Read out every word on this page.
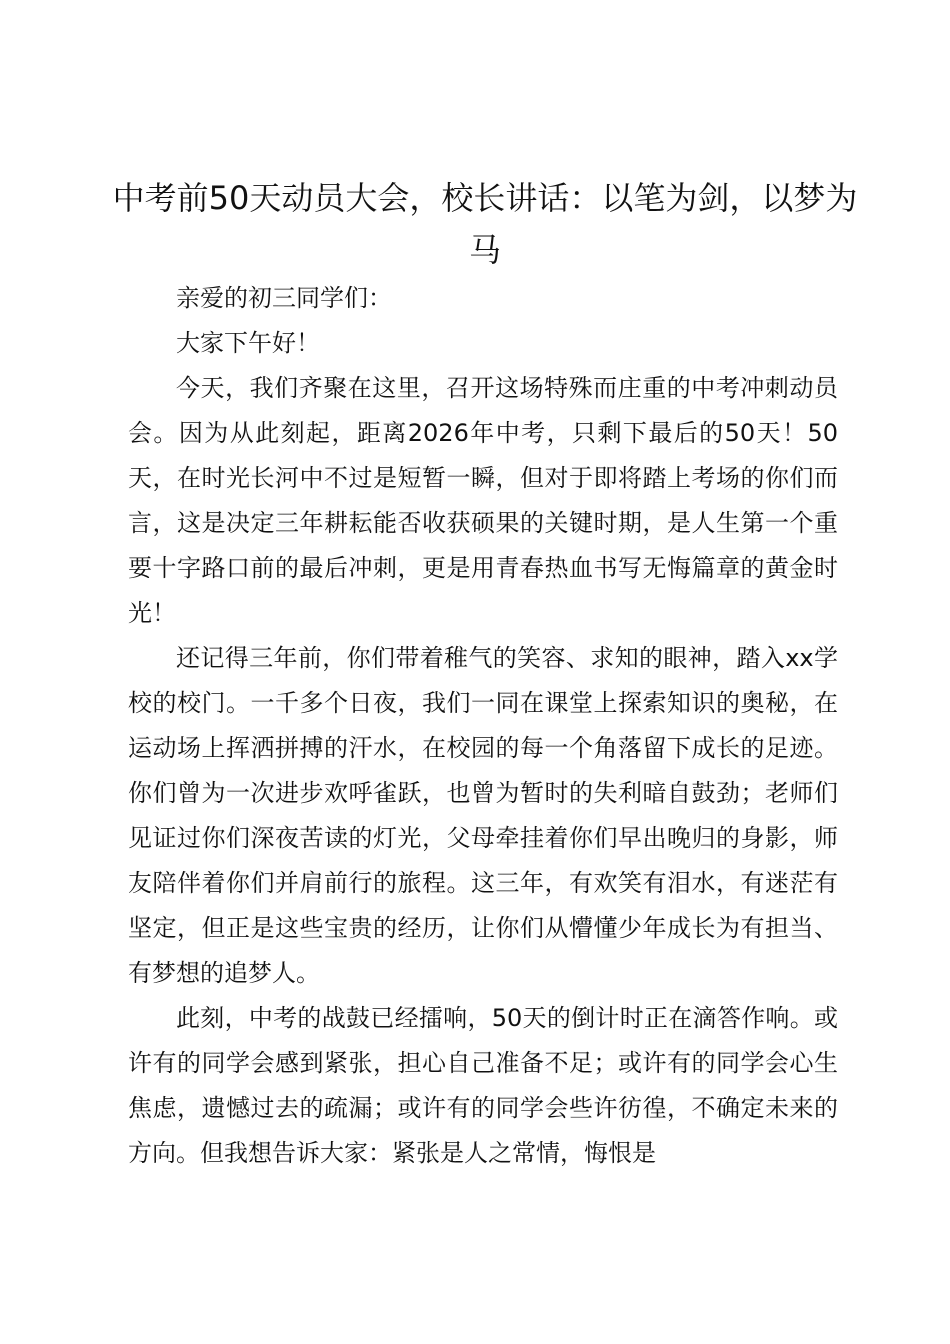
中考前50天动员大会，校长讲话：以笔为剑，以梦为马

亲爱的初三同学们：

大家下午好！

今天，我们齐聚在这里，召开这场特殊而庄重的中考冲刺动员会。因为从此刻起，距离2026年中考，只剩下最后的50天！50天，在时光长河中不过是短暂一瞬，但对于即将踏上考场的你们而言，这是决定三年耕耘能否收获硕果的关键时期，是人生第一个重要十字路口前的最后冲刺，更是用青春热血书写无悔篇章的黄金时光！

还记得三年前，你们带着稚气的笑容、求知的眼神，踏入xx学校的校门。一千多个日夜，我们一同在课堂上探索知识的奥秘，在运动场上挥洒拼搏的汗水，在校园的每一个角落留下成长的足迹。你们曾为一次进步欢呼雀跃，也曾为暂时的失利暗自鼓劲；老师们见证过你们深夜苦读的灯光，父母牵挂着你们早出晚归的身影，师友陪伴着你们并肩前行的旅程。这三年，有欢笑有泪水，有迷茫有坚定，但正是这些宝贵的经历，让你们从懵懂少年成长为有担当、有梦想的追梦人。

此刻，中考的战鼓已经擂响，50天的倒计时正在滴答作响。或许有的同学会感到紧张，担心自己准备不足；或许有的同学会心生焦虑，遗憾过去的疏漏；或许有的同学会些许彷徨，不确定未来的方向。但我想告诉大家：紧张是人之常情，悔恨是
